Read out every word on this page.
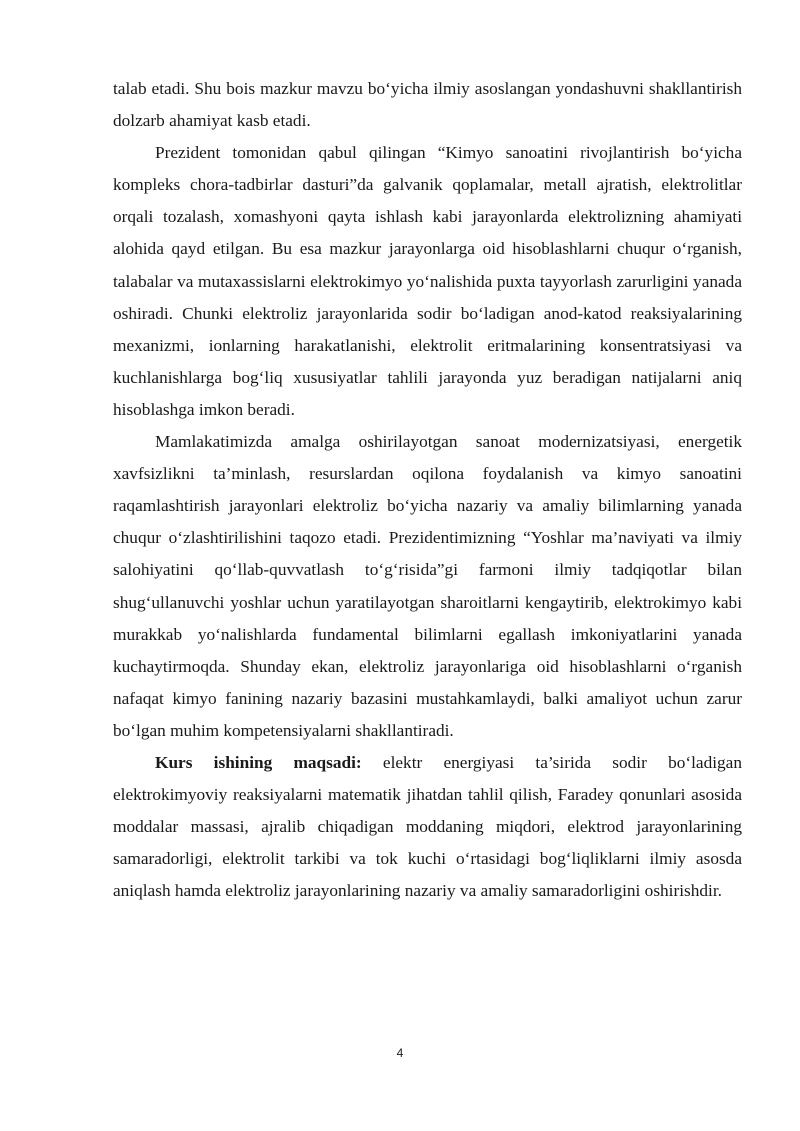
talab etadi. Shu bois mazkur mavzu bo‘yicha ilmiy asoslangan yondashuvni shakllantirish dolzarb ahamiyat kasb etadi.

Prezident tomonidan qabul qilingan “Kimyo sanoatini rivojlantirish bo‘yicha kompleks chora-tadbirlar dasturi”da galvanik qoplamalar, metall ajratish, elektrolitlar orqali tozalash, xomashyoni qayta ishlash kabi jarayonlarda elektrolizning ahamiyati alohida qayd etilgan. Bu esa mazkur jarayonlarga oid hisoblashlarni chuqur o‘rganish, talabalar va mutaxassislarni elektrokimyo yo‘nalishida puxta tayyorlash zarurligini yanada oshiradi. Chunki elektroliz jarayonlarida sodir bo‘ladigan anod-katod reaksiyalarining mexanizmi, ionlarning harakatlanishi, elektrolit eritmalarining konsentratsiyasi va kuchlanishlarga bog‘liq xususiyatlar tahlili jarayonda yuz beradigan natijalarni aniq hisoblashga imkon beradi.

Mamlakatimizda amalga oshirilayotgan sanoat modernizatsiyasi, energetik xavfsizlikni ta’minlash, resurslardan oqilona foydalanish va kimyo sanoatini raqamlashtirish jarayonlari elektroliz bo‘yicha nazariy va amaliy bilimlarning yanada chuqur o‘zlashtirilishini taqozo etadi. Prezidentimizning “Yoshlar ma’naviyati va ilmiy salohiyatini qo‘llab-quvvatlash to‘g‘risida”gi farmoni ilmiy tadqiqotlar bilan shug‘ullanuvchi yoshlar uchun yaratilayotgan sharoitlarni kengaytirib, elektrokimyo kabi murakkab yo‘nalishlarda fundamental bilimlarni egallash imkoniyatlarini yanada kuchaytirmoqda. Shunday ekan, elektroliz jarayonlariga oid hisoblashlarni o‘rganish nafaqat kimyo fanining nazariy bazasini mustahkamlaydi, balki amaliyot uchun zarur bo‘lgan muhim kompetensiyalarni shakllantiradi.

Kurs ishining maqsadi: elektr energiyasi ta’sirida sodir bo‘ladigan elektrokimyoviy reaksiyalarni matematik jihatdan tahlil qilish, Faradey qonunlari asosida moddalar massasi, ajralib chiqadigan moddaning miqdori, elektrod jarayonlarining samaradorligi, elektrolit tarkibi va tok kuchi o‘rtasidagi bog‘liqliklarni ilmiy asosda aniqlash hamda elektroliz jarayonlarining nazariy va amaliy samaradorligini oshirishdir.

4
